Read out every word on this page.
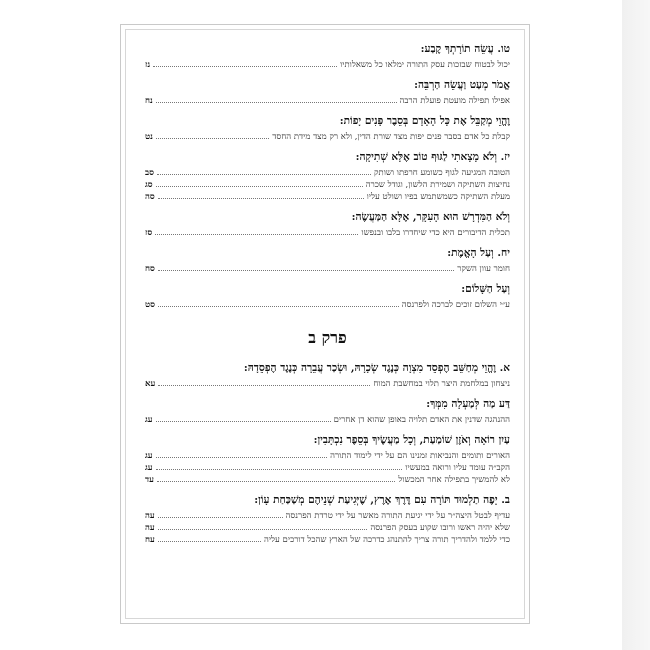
טו. עֲשֵׂה תוֹרָתְךָ קֶבַע:
יכול לבטוח שבזכות עסק התורה ימלאו כל משאלותיו
נז
אֱמֹר מְעַט וַעֲשֵׂה הַרְבֵּה:
אפילו תפילה מועטת פועלת הרבה
נח
וֶהֱוֵי מְקַבֵּל אֶת כָּל הָאָדָם בְּסֵבֶר פָּנִים יָפוֹת:
קבלת כל אדם בסבר פנים יפות מצד שורת הדין, ולא רק מצד מידת החסד
נט
יז. וְלֹא מָצָאתִי לַגּוּף טוֹב אֶלָּא שְׁתִיקָה:
הטובה המגיעה לגוף כשומע חרפתו ושותק
סב
נחיצות השתיקה ושמירת הלשון, וגודל שכרה
סג
מעלת השתיקה כשמשתמש בפיו ושולט עליו
סה
וְלֹא הַמִּדְרָשׁ הוּא הָעִקָּר, אֶלָּא הַמַּעֲשֶׂה:
תכלית הדיבורים היא כדי שיחדרו בלבו ובנפשו
סז
יח. וְעַל הָאֱמֶת:
חומר עוון השקר
סח
וְעַל הַשָּׁלוֹם:
ע״י השלום זוכים לברכה ולפרנסה
סט
פרק ב
א. וֶהֱוֵי מְחַשֵּׁב הֶפְסֵד מִצְוָה כְּנֶגֶד שְׂכָרָהּ, וּשְׂכַר עֲבֵרָה כְּנֶגֶד הֶפְסֵדָהּ:
ניצחון במלחמת היצר תלוי במחשבת המוח
עא
דַּע מַה לְּמַעְלָה מִמְּךָ:
ההנהגה שדנין את האדם תלויה באופן שהוא דן אחרים
עג
עַיִן רוֹאָה וְאֹזֶן שׁוֹמַעַת, וְכָל מַעֲשֶׂיךָ בְּסֵפֶר נִכְתָּבִין:
האורים ותומים והנביאות זמנינו הם על ידי לימוד התורה
עג
הקב״ה עומד עליו ורואה במעשיו
עג
לא להמשיך בתפילה אחר המכשול
עד
ב. יָפֶה תַלְמוּד תּוֹרָה עִם דֶּרֶךְ אֶרֶץ, שֶׁיְּגִיעַת שְׁנֵיהֶם מְשַׁכַּחַת עָוֹן:
עדיף לבטל היצה״ר על ידי יגיעת התורה מאשר על ידי טרדת הפרנסה
עה
שלא יהיה ראשו ורובו שקוע בעסק הפרנסה
עה
כדי ללמד ולהדריך תורה צריך להתנהג כדרכה של הארץ שהכל דורכים עליה
עח
